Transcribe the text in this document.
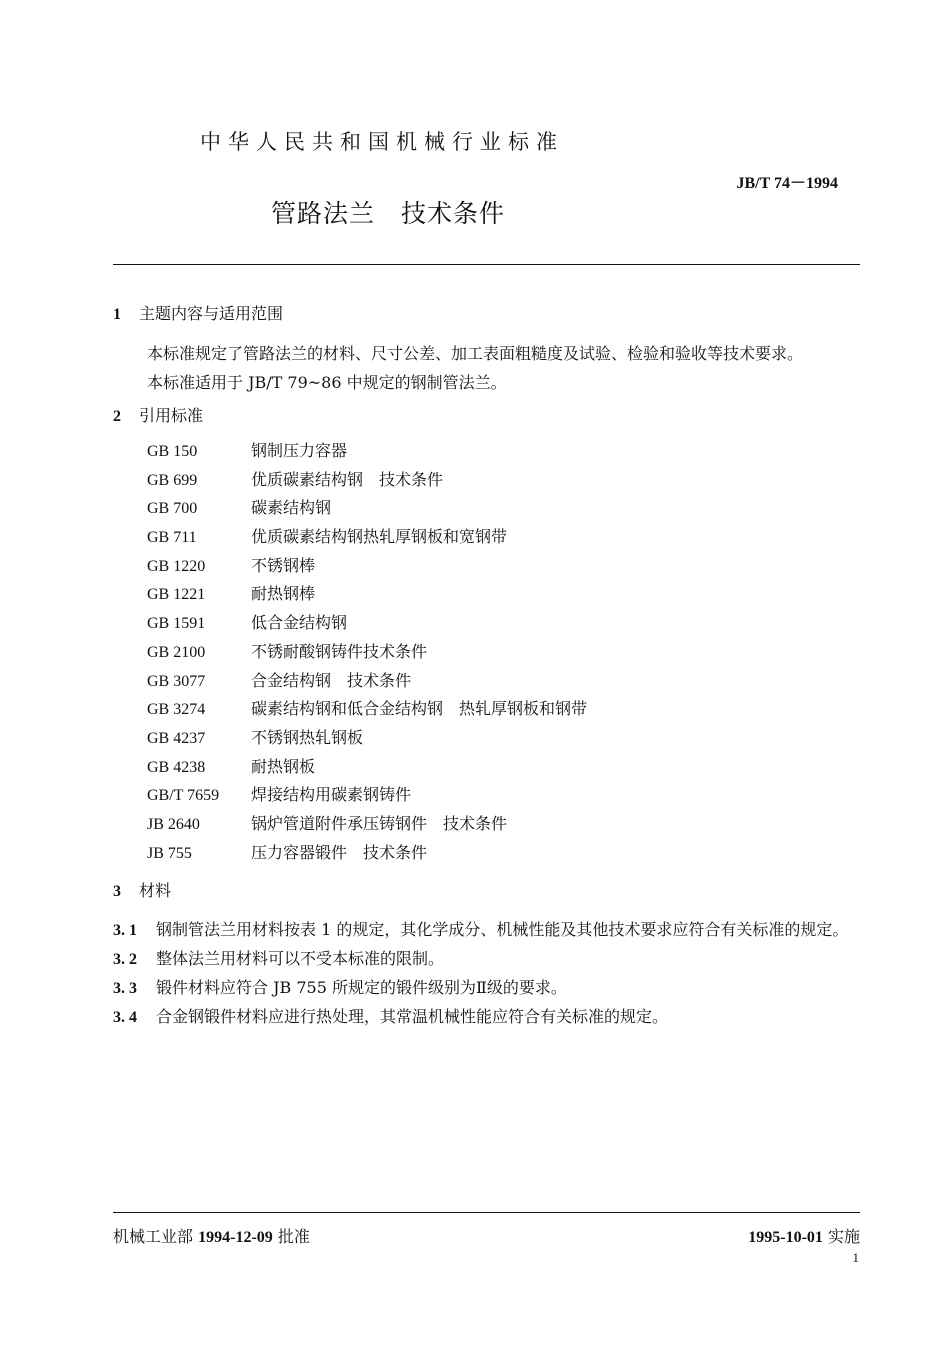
中华人民共和国机械行业标准
JB/T 74－1994
管路法兰　技术条件
1 主题内容与适用范围
本标准规定了管路法兰的材料、尺寸公差、加工表面粗糙度及试验、检验和验收等技术要求。
本标准适用于 JB/T 79~86 中规定的钢制管法兰。
2 引用标准
GB 150	钢制压力容器
GB 699	优质碳素结构钢　技术条件
GB 700	碳素结构钢
GB 711	优质碳素结构钢热轧厚钢板和宽钢带
GB 1220	不锈钢棒
GB 1221	耐热钢棒
GB 1591	低合金结构钢
GB 2100	不锈耐酸钢铸件技术条件
GB 3077	合金结构钢　技术条件
GB 3274	碳素结构钢和低合金结构钢　热轧厚钢板和钢带
GB 4237	不锈钢热轧钢板
GB 4238	耐热钢板
GB/T 7659 焊接结构用碳素钢铸件
JB 2640	锅炉管道附件承压铸钢件　技术条件
JB 755	压力容器锻件　技术条件
3 材料
3. 1 钢制管法兰用材料按表 1 的规定，其化学成分、机械性能及其他技术要求应符合有关标准的规定。
3. 2 整体法兰用材料可以不受本标准的限制。
3. 3 锻件材料应符合 JB 755 所规定的锻件级别为Ⅱ级的要求。
3. 4 合金钢锻件材料应进行热处理，其常温机械性能应符合有关标准的规定。
机械工业部 1994-12-09 批准	1995-10-01 实施
1
